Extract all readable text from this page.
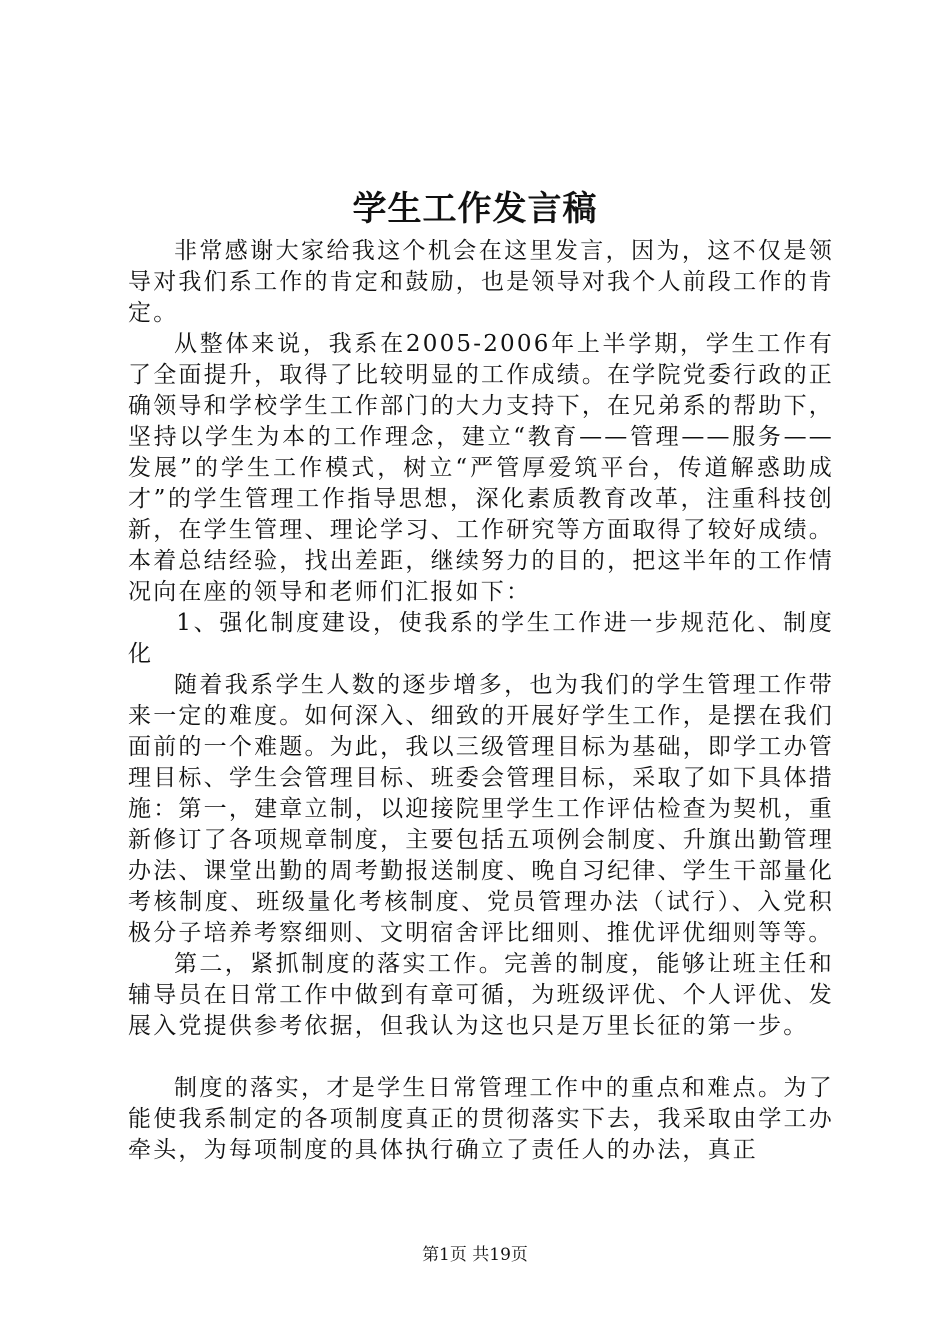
学生工作发言稿

非常感谢大家给我这个机会在这里发言，因为，这不仅是领导对我们系工作的肯定和鼓励，也是领导对我个人前段工作的肯定。

从整体来说，我系在2005-2006年上半学期，学生工作有了全面提升，取得了比较明显的工作成绩。在学院党委行政的正确领导和学校学生工作部门的大力支持下，在兄弟系的帮助下，坚持以学生为本的工作理念，建立“教育——管理——服务——发展”的学生工作模式，树立“严管厚爱筑平台，传道解惑助成才”的学生管理工作指导思想，深化素质教育改革，注重科技创新，在学生管理、理论学习、工作研究等方面取得了较好成绩。本着总结经验，找出差距，继续努力的目的，把这半年的工作情况向在座的领导和老师们汇报如下：

1、强化制度建设，使我系的学生工作进一步规范化、制度化

随着我系学生人数的逐步增多，也为我们的学生管理工作带来一定的难度。如何深入、细致的开展好学生工作，是摆在我们面前的一个难题。为此，我以三级管理目标为基础，即学工办管理目标、学生会管理目标、班委会管理目标，采取了如下具体措施：第一，建章立制，以迎接院里学生工作评估检查为契机，重新修订了各项规章制度，主要包括五项例会制度、升旗出勤管理办法、课堂出勤的周考勤报送制度、晚自习纪律、学生干部量化考核制度、班级量化考核制度、党员管理办法（试行）、入党积极分子培养考察细则、文明宿舍评比细则、推优评优细则等等。

第二，紧抓制度的落实工作。完善的制度，能够让班主任和辅导员在日常工作中做到有章可循，为班级评优、个人评优、发展入党提供参考依据，但我认为这也只是万里长征的第一步。

制度的落实，才是学生日常管理工作中的重点和难点。为了能使我系制定的各项制度真正的贯彻落实下去，我采取由学工办牵头，为每项制度的具体执行确立了责任人的办法，真正

第1页 共19页
